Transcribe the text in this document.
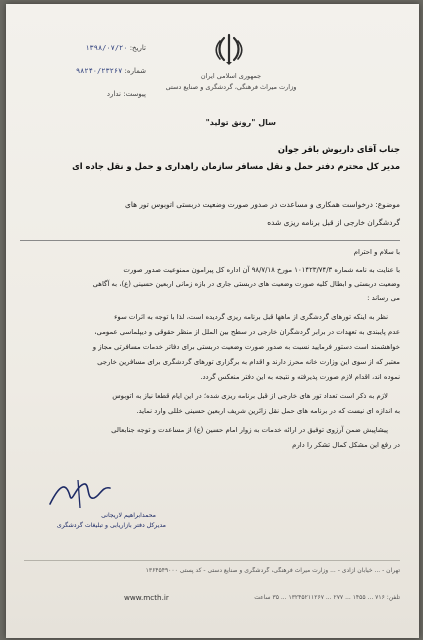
تاریخ: ۱۳۹۸/۰۷/۲۰
شماره: ۹۸۲۴۰/۲۳۲۶۷
پیوست: ندارد
جمهوری اسلامی ایران
وزارت میراث فرهنگی، گردشگری و صنایع دستی
سال "رونق تولید"
جناب آقای داریوش باقر جوان
مدیر کل محترم دفتر حمل و نقل مسافر سازمان راهداری و حمل و نقل جاده ای
موضوع: درخواست همکاری و مساعدت در صدور صورت وضعیت دربستی اتوبوس تور های
گردشگران خارجی از قبل برنامه ریزی شده
با سلام و احترام
با عنایت به نامه شماره ۱۰۱۴۲۳/۷۴/۳ مورخ ۹۸/۷/۱۸ آن اداره کل پیرامون ممنوعیت صدور صورت
وضعیت دربستی و ابطال کلیه صورت وضعیت های دربستی جاری در بازه زمانی اربعین حسینی (ع)، به آگاهی
می رساند :
نظر به اینکه تورهای گردشگری از ماهها قبل برنامه ریزی گردیده است، لذا با توجه به اثرات سوء
عدم پایبندی به تعهدات در برابر گردشگران خارجی در سطح بین الملل از منظر حقوقی و دیپلماسی عمومی،
خواهشمند است دستور فرمایید نسبت به صدور صورت وضعیت دربستی برای دفاتر خدمات مسافرتی مجاز و
معتبر که از سوی این وزارت خانه محرز دارند و اقدام به برگزاری تورهای گردشگری برای مسافرین خارجی
نموده اند، اقدام لازم صورت پذیرفته و نتیجه به این دفتر منعکس گردد.
لازم به ذکر است تعداد تور های خارجی از قبل برنامه ریزی شده؛ در این ایام قطعا نیاز به اتوبوس
به اندازه ای نیست که در برنامه های حمل نقل زائرین شریف اربعین حسینی خللی وارد نماید.
پیشاپیش ضمن آرزوی توفیق در ارائه خدمات به زوار امام حسین (ع) از مساعدت و توجه جنابعالی
در رفع این مشکل کمال تشکر را دارم
محمدابراهیم لاریجانی
مدیرکل دفتر بازاریابی و تبلیغات گردشگری
تهران - ... خیابان آزادی - ... وزارت میراث فرهنگی، گردشگری و صنایع دستی - کد پستی ۱۳۶۴۵۴۹۰۰۰
تلفن: ۷۱۶ ... ۱۴۵۵ ... ۲۷۷ ... ۱۳۲۴۵۲۱۱۲۶۷ ... ۳۵ ساعت
www.mcth.ir
